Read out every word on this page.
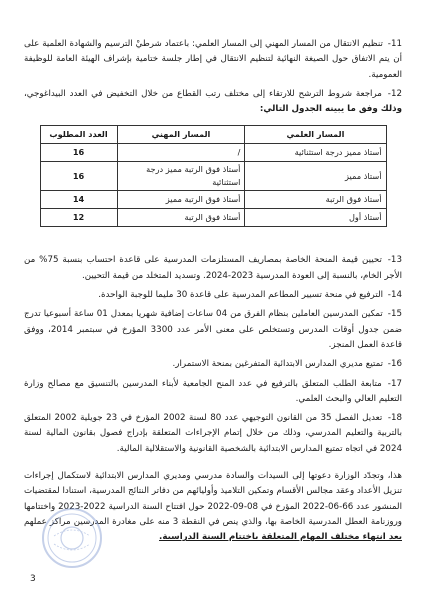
11- تنظيم الانتقال من المسار المهني إلى المسار العلمي: باعتماد شرطيْ الترسيم والشهادة العلمية على أن يتم الاتفاق حول الصيغة النهائية لتنظيم الانتقال في إطار جلسة ختامية بإشراف الهيئة العامة للوظيفة العمومية.

12- مراجعة شروط الترشح للارتقاء إلى مختلف رتب القطاع من خلال التخفيض في العدد البيداغوجي، وذلك وفق ما يبينه الجدول التالي:

المسار العلمي	المسار المهني	العدد المطلوب
أستاذ مميز درجة استثنائية	/	16
أستاذ مميز	أستاذ فوق الرتبة مميز درجة استثنائية	16
أستاذ فوق الرتبة	أستاذ فوق الرتبة مميز	14
أستاذ أول	أستاذ فوق الرتبة	12

13- تحيين قيمة المنحة الخاصة بمصاريف المستلزمات المدرسية على قاعدة احتساب بنسبة 75% من الأجر الخام، بالنسبة إلى العودة المدرسية 2023-2024. وتسديد المتخلد من قيمة التحيين.

14- الترفيع في منحة تسيير المطاعم المدرسية على قاعدة 30 مليما للوجبة الواحدة.

15- تمكين المدرسين العاملين بنظام الفرق من 04 ساعات إضافية شهريا بمعدل 01 ساعة أسبوعيا تدرج ضمن جدول أوقات المدرس وتستخلص على معنى الأمر عدد 3300 المؤرخ في سبتمبر 2014، ووفق قاعدة العمل المنجز.

16- تمتيع مديري المدارس الابتدائية المتفرغين بمنحة الاستمرار.

17- متابعة الطلب المتعلق بالترفيع في عدد المنح الجامعية لأبناء المدرسين بالتنسيق مع مصالح وزارة التعليم العالي والبحث العلمي.

18- تعديل الفصل 35 من القانون التوجيهي عدد 80 لسنة 2002 المؤرخ في 23 جويلية 2002 المتعلق بالتربية والتعليم المدرسي، وذلك من خلال إتمام الإجراءات المتعلقة بإدراج فصول بقانون المالية لسنة 2024 في اتجاه تمتيع المدارس الابتدائية بالشخصية القانونية والاستقلالية المالية.

هذا، وتجدّد الوزارة دعوتها إلى السيدات والسادة مدرسي ومديري المدارس الابتدائية لاستكمال إجراءات تنزيل الأعداد وعقد مجالس الأقسام وتمكين التلاميذ وأوليائهم من دفاتر النتائج المدرسية، استنادا لمقتضيات المنشور عدد 66-06-2022 المؤرخ في 08-09-2022 حول افتتاح السنة الدراسية 2022-2023 واختتامها وروزنامة العطل المدرسية الخاصة بها، والذي ينص في النقطة 3 منه على مغادرة المدرسين مراكز عملهم بعد انتهاء مختلف المهام المتعلقة باختتام السنة الدراسية.

3
